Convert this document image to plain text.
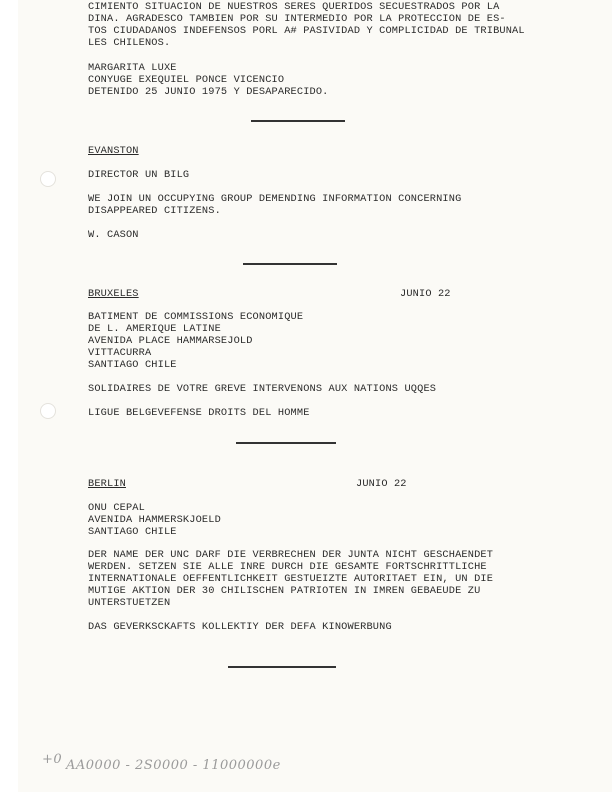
CIMIENTO SITUACION DE NUESTROS SERES QUERIDOS SECUESTRADOS POR LA
DINA. AGRADESCO TAMBIEN POR SU INTERMEDIO POR LA PROTECCION DE ES-
TOS CIUDADANOS INDEFENSOS PORL A# PASIVIDAD Y COMPLICIDAD DE TRIBUNAL
LES CHILENOS.
MARGARITA LUXE
CONYUGE EXEQUIEL PONCE VICENCIO
DETENIDO 25 JUNIO 1975 Y DESAPARECIDO.
EVANSTON
DIRECTOR UN BILG
WE JOIN UN OCCUPYING GROUP DEMENDING INFORMATION CONCERNING
DISAPPEARED CITIZENS.
W. CASON
BRUXELES	JUNIO 22
BATIMENT DE COMMISSIONS ECONOMIQUE
DE L. AMERIQUE LATINE
AVENIDA PLACE HAMMARSEJOLD
VITTACURRA
SANTIAGO CHILE
SOLIDAIRES DE VOTRE GREVE INTERVENONS AUX NATIONS UQQES
LIGUE BELGEVEFENSE DROITS DEL HOMME
BERLIN	JUNIO 22
ONU CEPAL
AVENIDA HAMMERSKJOELD
SANTIAGO CHILE
DER NAME DER UNC DARF DIE VERBRECHEN DER JUNTA NICHT GESCHAENDET
WERDEN. SETZEN SIE ALLE INRE DURCH DIE GESAMTE FORTSCHRITTLICHE
INTERNATIONALE OEFFENTLICHKEIT GESTUEIZTE AUTORITAET EIN, UN DIE
MUTIGE AKTION DER 30 CHILISCHEN PATRIOTEN IN IMREN GEBAEUDE ZU
UNTERSTUETZEN
DAS GEVERKSCKAFTS KOLLEKTIY DER DEFA KINOWERBUNG
+0 AA0000 - 2S0000 - 11000000e
